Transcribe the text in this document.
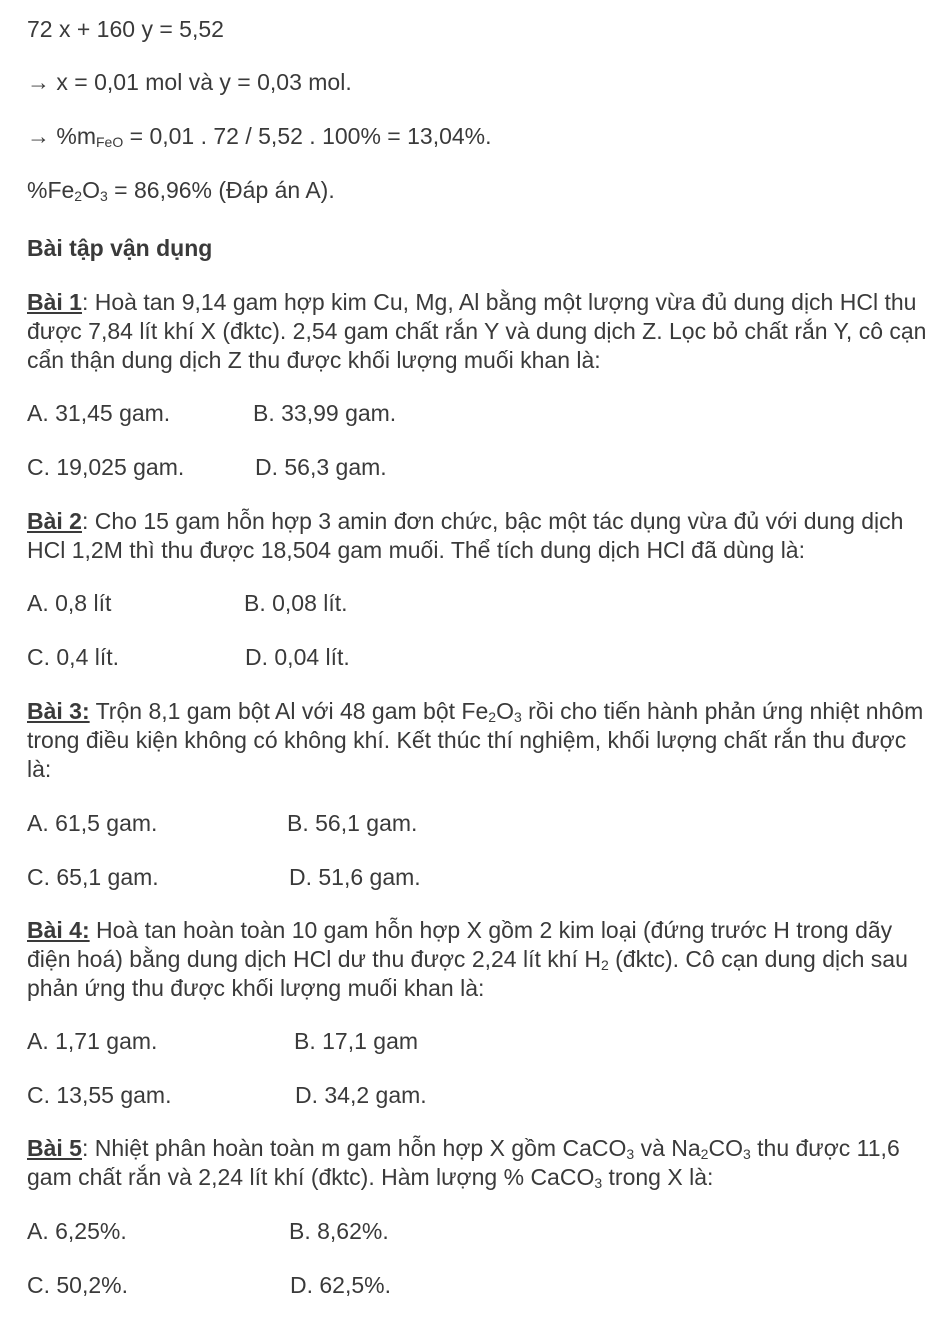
72 x + 160 y = 5,52
→ x = 0,01 mol và y = 0,03 mol.
→ $\%m_{FeO} = 0,01$ . 72 / 5,52 . 100% = 13,04%.
$\%Fe_2O_3 = 86,96\%$ (Đáp án A).
Bài tập vận dụng
Bài 1: Hoà tan 9,14 gam hợp kim Cu, Mg, Al bằng một lượng vừa đủ dung dịch HCl thu được 7,84 lít khí X (đktc). 2,54 gam chất rắn Y và dung dịch Z. Lọc bỏ chất rắn Y, cô cạn cẩn thận dung dịch Z thu được khối lượng muối khan là:
A. 31,45 gam.	B. 33,99 gam.
C. 19,025 gam.	D. 56,3 gam.
Bài 2: Cho 15 gam hỗn hợp 3 amin đơn chức, bậc một tác dụng vừa đủ với dung dịch HCl 1,2M thì thu được 18,504 gam muối. Thể tích dung dịch HCl đã dùng là:
A. 0,8 lít	B. 0,08 lít.
C. 0,4 lít.	D. 0,04 lít.
Bài 3: Trộn 8,1 gam bột Al với 48 gam bột $Fe_2O_3$ rồi cho tiến hành phản ứng nhiệt nhôm trong điều kiện không có không khí. Kết thúc thí nghiệm, khối lượng chất rắn thu được là:
A. 61,5 gam.	B. 56,1 gam.
C. 65,1 gam.	D. 51,6 gam.
Bài 4: Hoà tan hoàn toàn 10 gam hỗn hợp X gồm 2 kim loại (đứng trước H trong dãy điện hoá) bằng dung dịch HCl dư thu được 2,24 lít khí $H_2$ (đktc). Cô cạn dung dịch sau phản ứng thu được khối lượng muối khan là:
A. 1,71 gam.	B. 17,1 gam
C. 13,55 gam.	D. 34,2 gam.
Bài 5: Nhiệt phân hoàn toàn m gam hỗn hợp X gồm CaCO$_3$ và $Na_2CO_3$ thu được 11,6 gam chất rắn và 2,24 lít khí (đktc). Hàm lượng % CaCO$_3$ trong X là:
A. 6,25%.	B. 8,62%.
C. 50,2%.	D. 62,5%.
